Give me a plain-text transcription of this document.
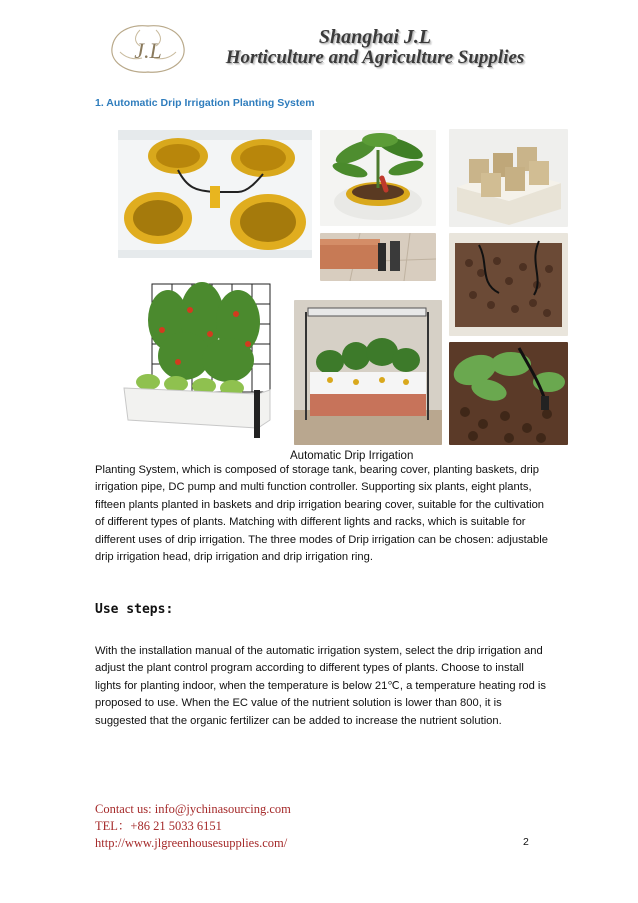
J.L
Shanghai J.L
Horticulture and Agriculture Supplies
1. Automatic Drip Irrigation Planting System
Automatic Drip Irrigation

Planting System, which is composed of storage tank, bearing cover, planting baskets, drip irrigation pipe, DC pump and multi function controller. Supporting six plants, eight plants, fifteen plants planted in baskets and drip irrigation bearing cover, suitable for the cultivation of different types of plants. Matching with different lights and racks, which is suitable for different uses of drip irrigation. The three modes of Drip irrigation can be chosen: adjustable drip irrigation head, drip irrigation and drip irrigation ring.

Use steps:

With the installation manual of the automatic irrigation system, select the drip irrigation and adjust the plant control program according to different types of plants. Choose to install lights for planting indoor, when the temperature is below 21℃, a temperature heating rod is proposed to use. When the EC value of the nutrient solution is lower than 800, it is suggested that the organic fertilizer can be added to increase the nutrient solution.

Contact us: info@jychinasourcing.com
TEL：+86 21 5033 6151
http://www.jlgreenhousesupplies.com/	2
